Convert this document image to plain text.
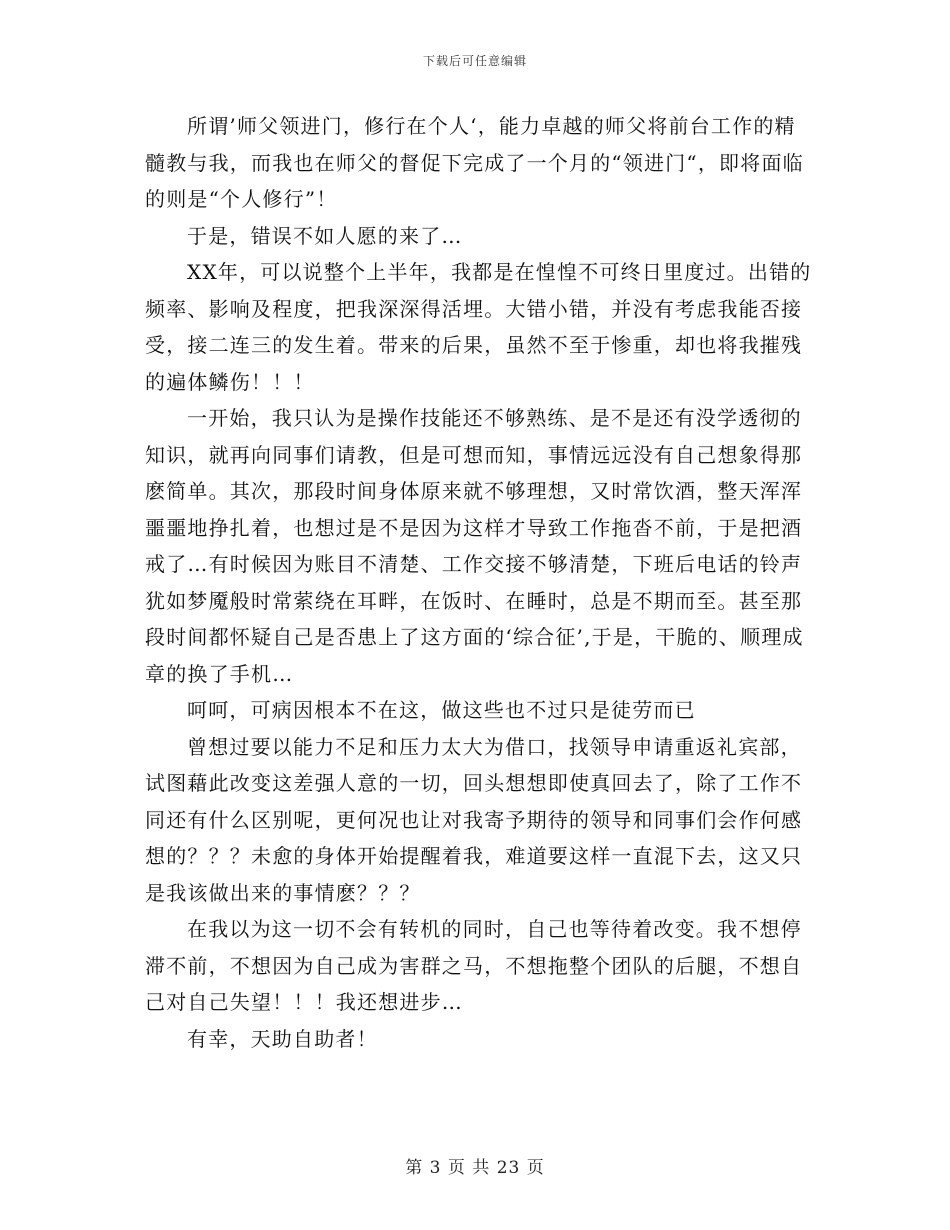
下载后可任意编辑

所谓’师父领进门，修行在个人‘，能力卓越的师父将前台工作的精髓教与我，而我也在师父的督促下完成了一个月的“领进门“，即将面临的则是“个人修行”！

于是，错误不如人愿的来了…

XX年，可以说整个上半年，我都是在惶惶不可终日里度过。出错的频率、影响及程度，把我深深得活埋。大错小错，并没有考虑我能否接受，接二连三的发生着。带来的后果，虽然不至于惨重，却也将我摧残的遍体鳞伤！！！

一开始，我只认为是操作技能还不够熟练、是不是还有没学透彻的知识，就再向同事们请教，但是可想而知，事情远远没有自己想象得那麽简单。其次，那段时间身体原来就不够理想，又时常饮酒，整天浑浑噩噩地挣扎着，也想过是不是因为这样才导致工作拖沓不前，于是把酒戒了…有时候因为账目不清楚、工作交接不够清楚，下班后电话的铃声犹如梦魇般时常萦绕在耳畔，在饭时、在睡时，总是不期而至。甚至那段时间都怀疑自己是否患上了这方面的‘综合征’,于是，干脆的、顺理成章的换了手机…

呵呵，可病因根本不在这，做这些也不过只是徒劳而已

曾想过要以能力不足和压力太大为借口，找领导申请重返礼宾部，试图藉此改变这差强人意的一切，回头想想即使真回去了，除了工作不同还有什么区别呢，更何况也让对我寄予期待的领导和同事们会作何感想的？？？未愈的身体开始提醒着我，难道要这样一直混下去，这又只是我该做出来的事情麽？？？

在我以为这一切不会有转机的同时，自己也等待着改变。我不想停滞不前，不想因为自己成为害群之马，不想拖整个团队的后腿，不想自己对自己失望！！！我还想进步…

有幸，天助自助者！

第 3 页 共 23 页
